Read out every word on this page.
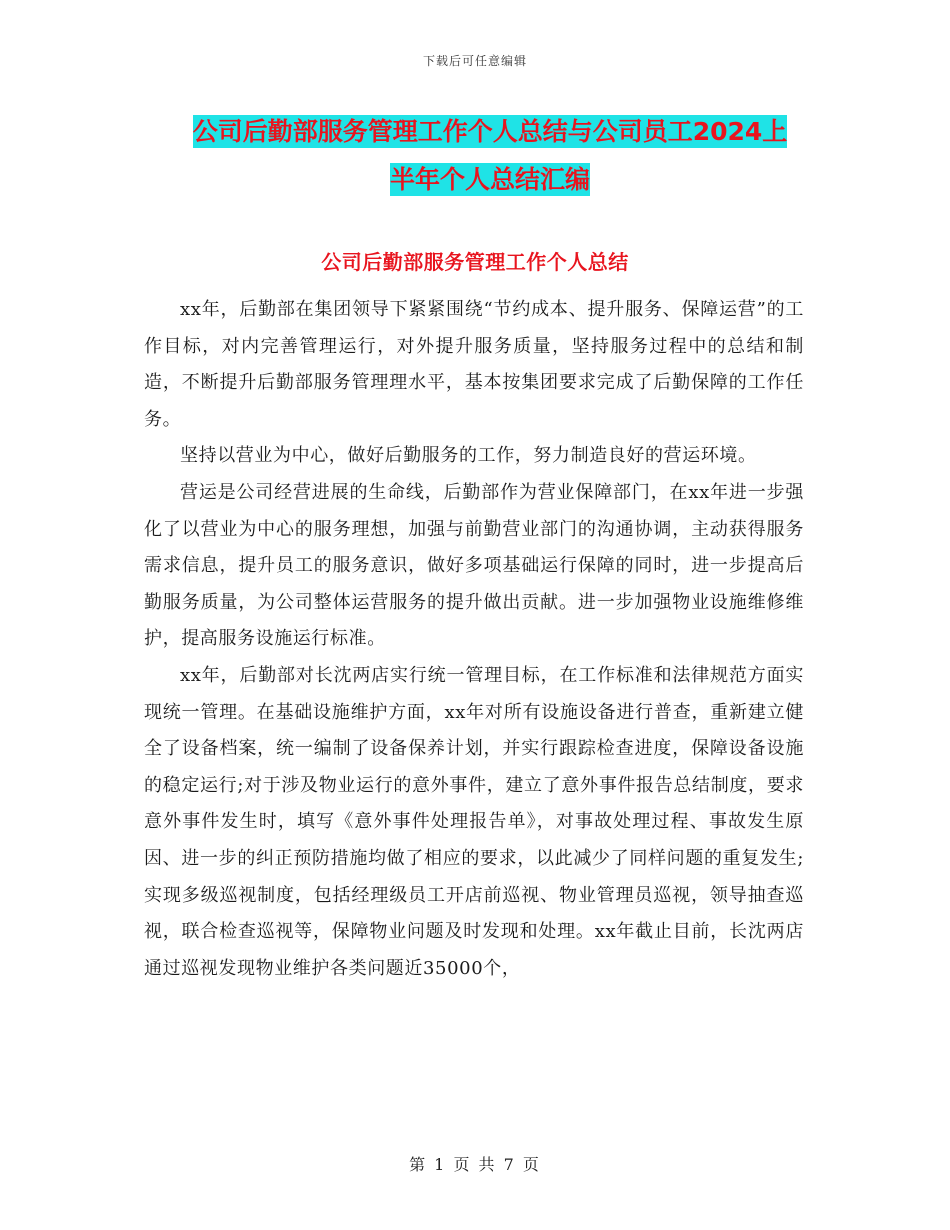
下载后可任意编辑
公司后勤部服务管理工作个人总结与公司员工2024上
半年个人总结汇编
公司后勤部服务管理工作个人总结

xx年，后勤部在集团领导下紧紧围绕“节约成本、提升服务、保障运营”的工作目标，对内完善管理运行，对外提升服务质量，坚持服务过程中的总结和制造，不断提升后勤部服务管理理水平，基本按集团要求完成了后勤保障的工作任务。

坚持以营业为中心，做好后勤服务的工作，努力制造良好的营运环境。

营运是公司经营进展的生命线，后勤部作为营业保障部门，在xx年进一步强化了以营业为中心的服务理想，加强与前勤营业部门的沟通协调，主动获得服务需求信息，提升员工的服务意识，做好多项基础运行保障的同时，进一步提高后勤服务质量，为公司整体运营服务的提升做出贡献。进一步加强物业设施维修维护，提高服务设施运行标准。

xx年，后勤部对长沈两店实行统一管理目标，在工作标准和法律规范方面实现统一管理。在基础设施维护方面，xx年对所有设施设备进行普查，重新建立健全了设备档案，统一编制了设备保养计划，并实行跟踪检查进度，保障设备设施的稳定运行;对于涉及物业运行的意外事件，建立了意外事件报告总结制度，要求意外事件发生时，填写《意外事件处理报告单》，对事故处理过程、事故发生原因、进一步的纠正预防措施均做了相应的要求，以此减少了同样问题的重复发生;实现多级巡视制度，包括经理级员工开店前巡视、物业管理员巡视，领导抽查巡视，联合检查巡视等，保障物业问题及时发现和处理。xx年截止目前，长沈两店通过巡视发现物业维护各类问题近35000个，

第 1 页 共 7 页
